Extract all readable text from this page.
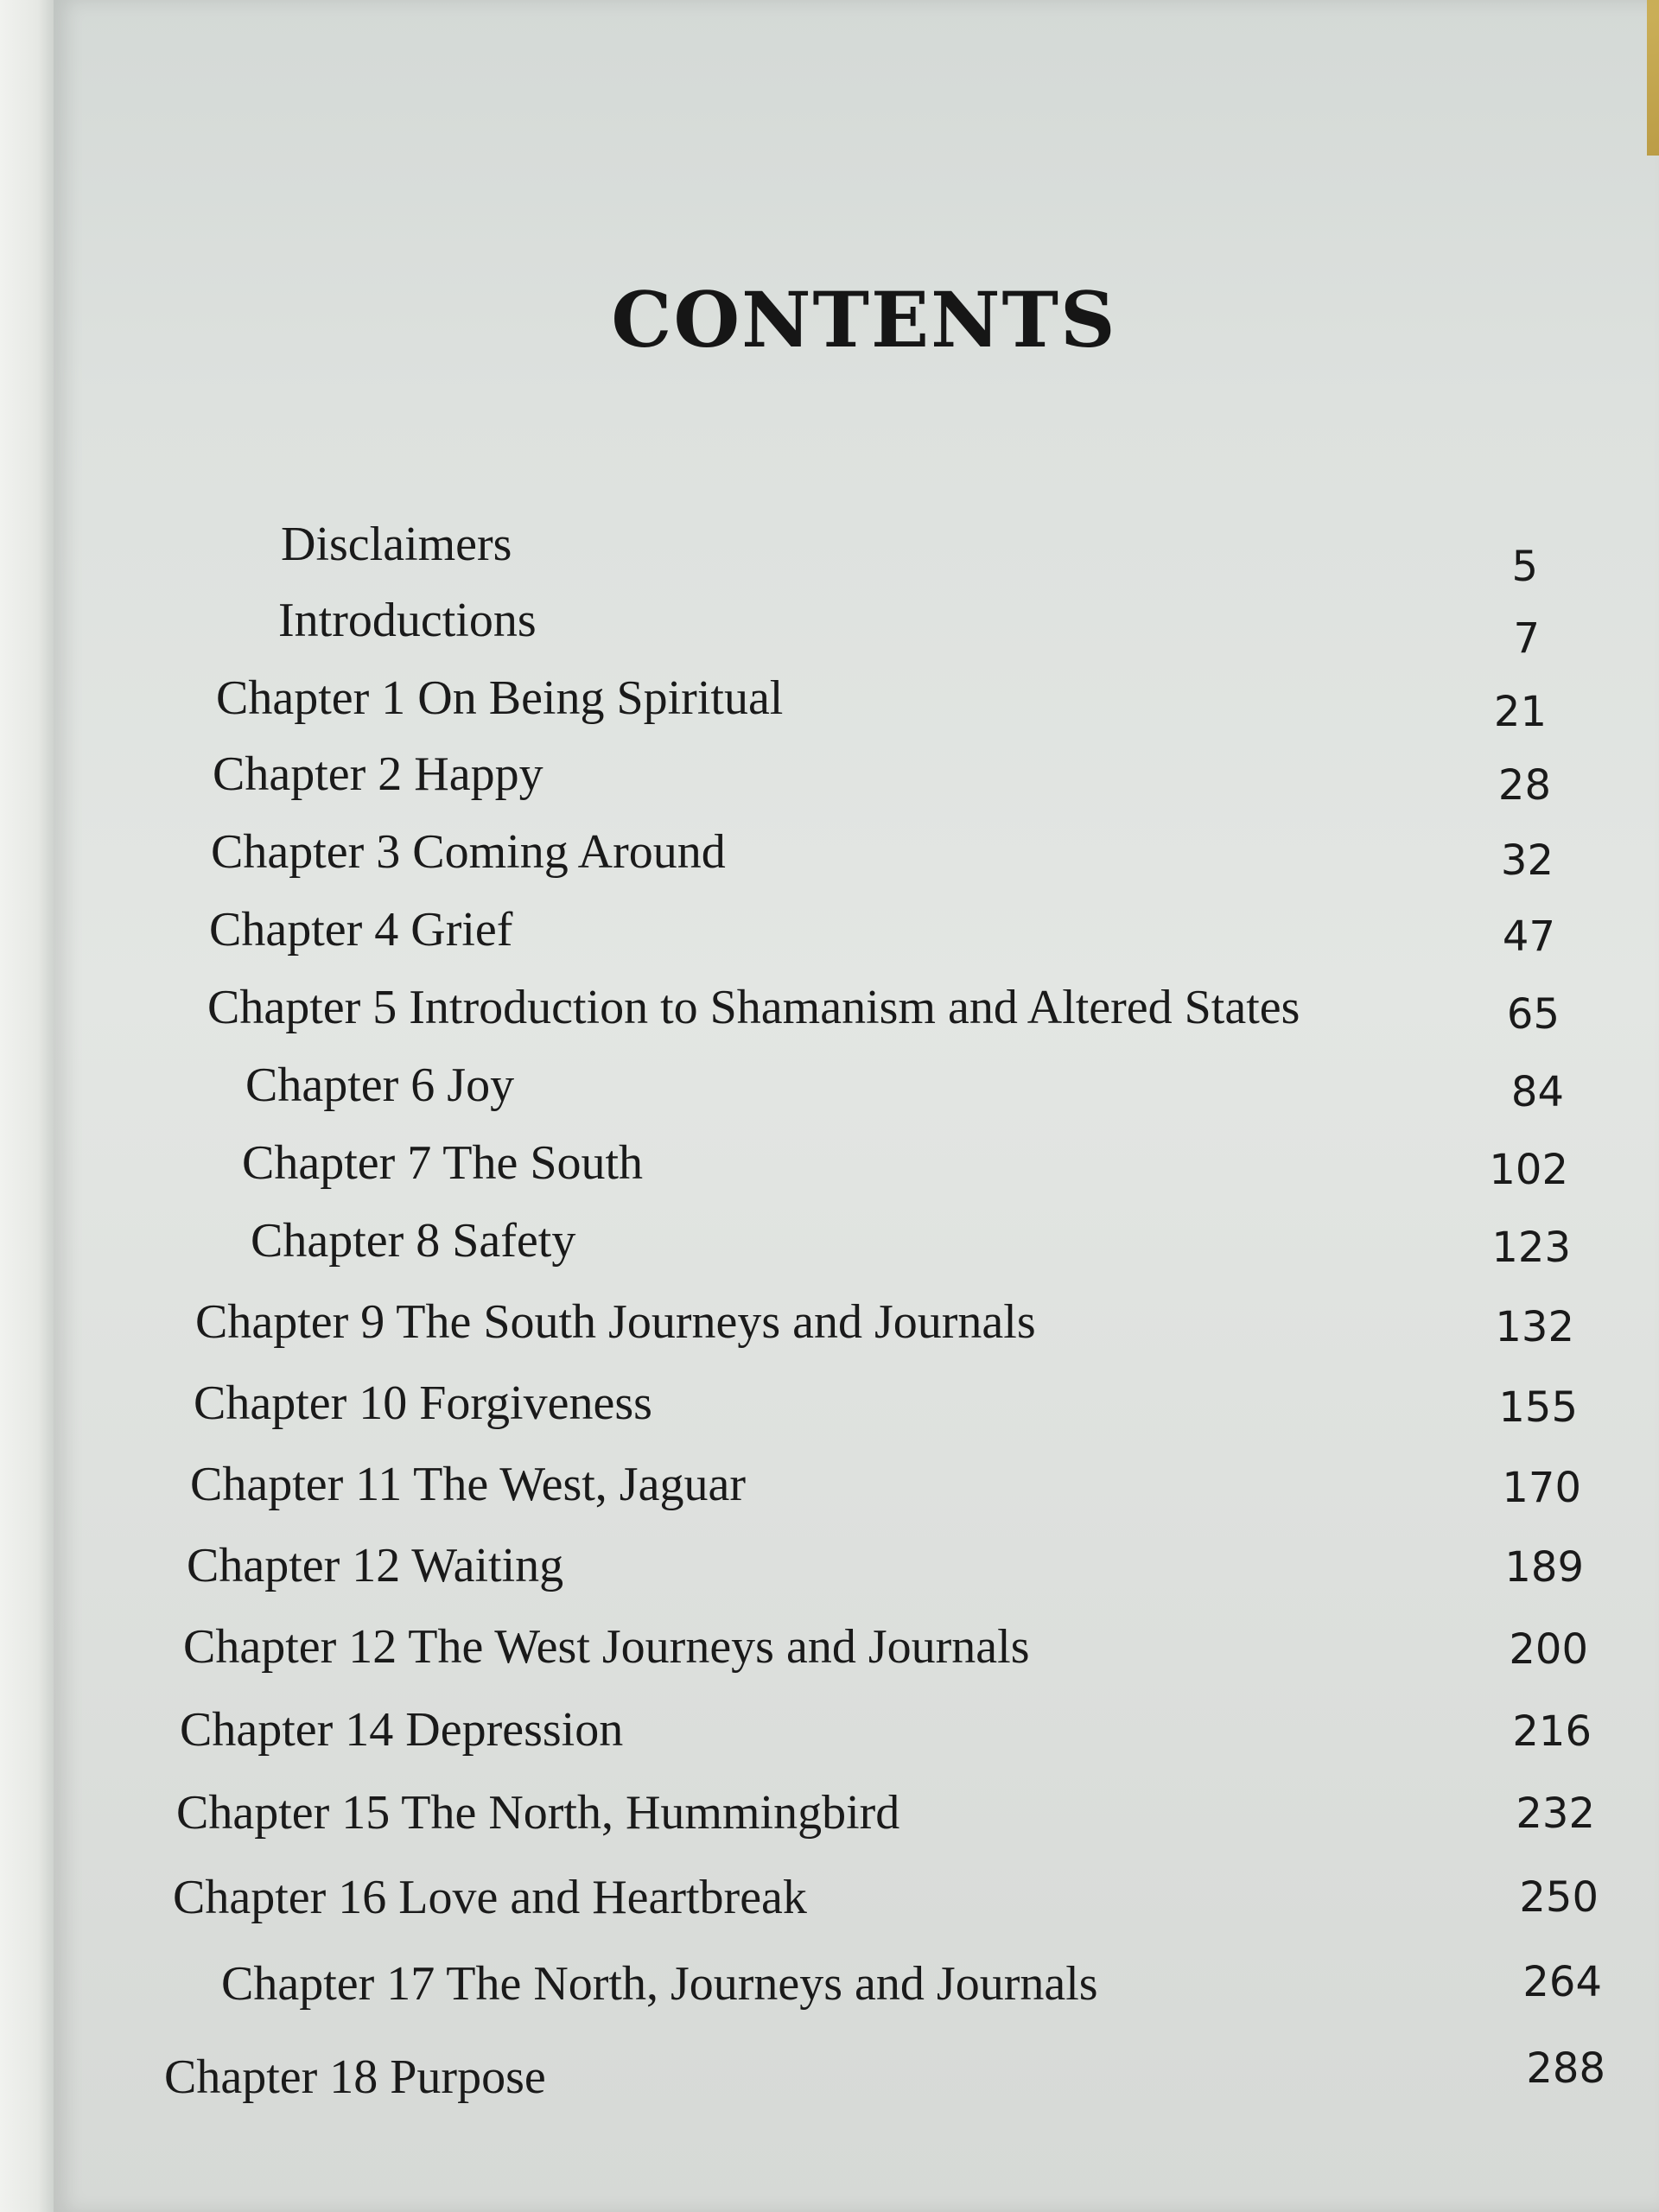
CONTENTS
Disclaimers	5
Introductions	7
Chapter 1 On Being Spiritual	21
Chapter 2 Happy	28
Chapter 3 Coming Around	32
Chapter 4 Grief	47
Chapter 5 Introduction to Shamanism and Altered States	65
Chapter 6 Joy	84
Chapter 7 The South	102
Chapter 8 Safety	123
Chapter 9 The South Journeys and Journals	132
Chapter 10 Forgiveness	155
Chapter 11 The West, Jaguar	170
Chapter 12 Waiting	189
Chapter 12 The West Journeys and Journals	200
Chapter 14 Depression	216
Chapter 15 The North, Hummingbird	232
Chapter 16 Love and Heartbreak	250
Chapter 17 The North, Journeys and Journals	264
Chapter 18 Purpose	288
